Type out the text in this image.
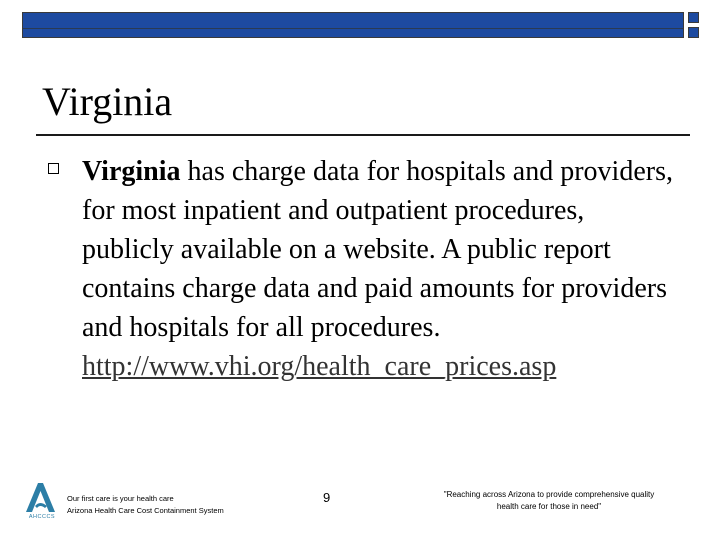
Virginia
Virginia has charge data for hospitals and providers, for most inpatient and outpatient procedures, publicly available on a website. A public report contains charge data and paid amounts for providers and hospitals for all procedures. http://www.vhi.org/health_care_prices.asp
AHCCCS
Our first care is your health care
Arizona Health Care Cost Containment System
9	"Reaching across Arizona to provide comprehensive quality
health care for those in need"
